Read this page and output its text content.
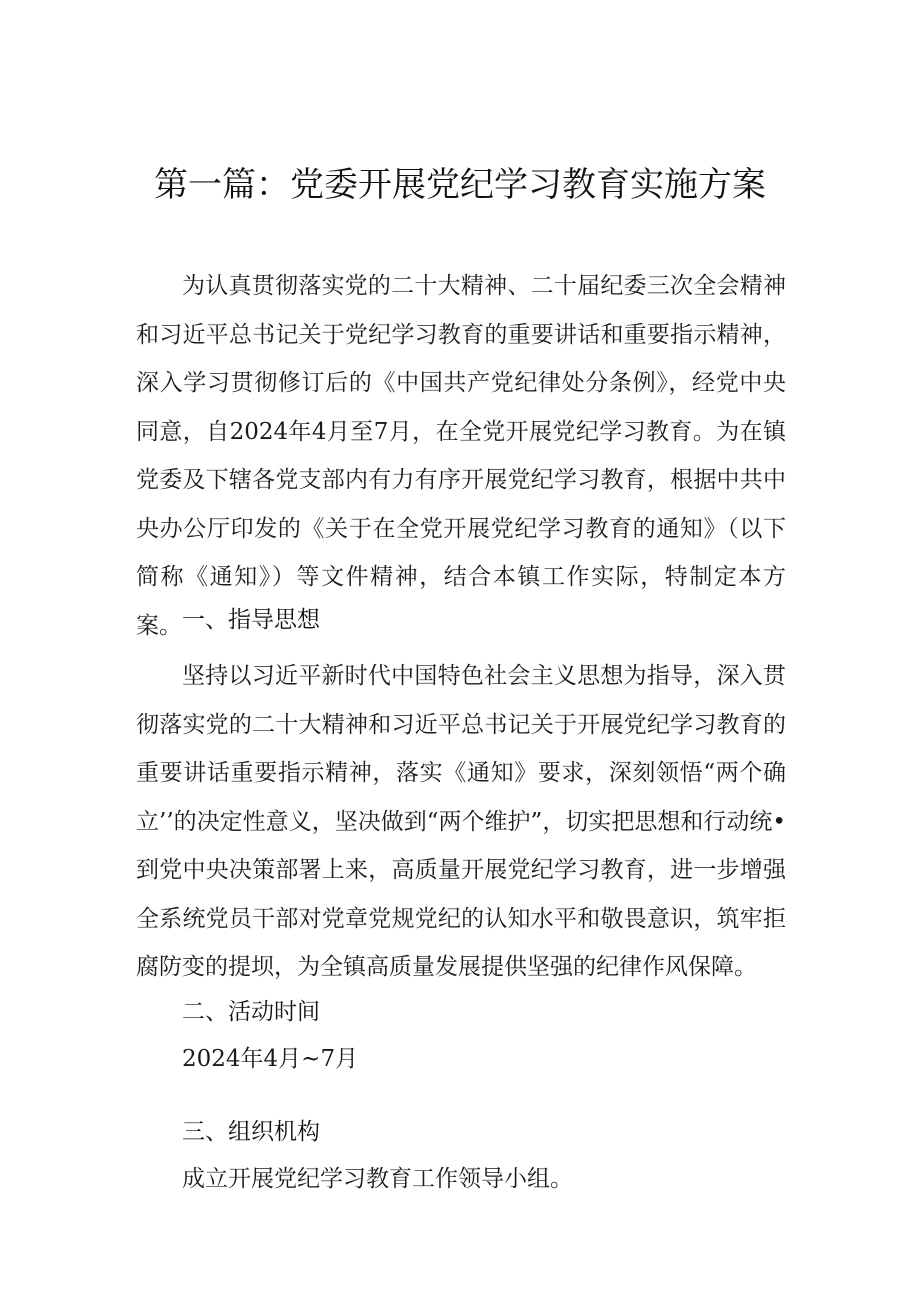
第一篇：党委开展党纪学习教育实施方案

为认真贯彻落实党的二十大精神、二十届纪委三次全会精神和习近平总书记关于党纪学习教育的重要讲话和重要指示精神，深入学习贯彻修订后的《中国共产党纪律处分条例》，经党中央同意，自2024年4月至7月，在全党开展党纪学习教育。为在镇党委及下辖各党支部内有力有序开展党纪学习教育，根据中共中央办公厅印发的《关于在全党开展党纪学习教育的通知》（以下简称《通知》）等文件精神，结合本镇工作实际，特制定本方案。 一、指导思想

坚持以习近平新时代中国特色社会主义思想为指导，深入贯彻落实党的二十大精神和习近平总书记关于开展党纪学习教育的重要讲话重要指示精神，落实《通知》要求，深刻领悟“两个确立’’的决定性意义，坚决做到“两个维护”，切实把思想和行动统•到党中央决策部署上来，高质量开展党纪学习教育，进一步增强全系统党员干部对党章党规党纪的认知水平和敬畏意识，筑牢拒腐防变的提坝，为全镇高质量发展提供坚强的纪律作风保障。

二、活动时间

2024年4月~7月

三、组织机构

成立开展党纪学习教育工作领导小组。
